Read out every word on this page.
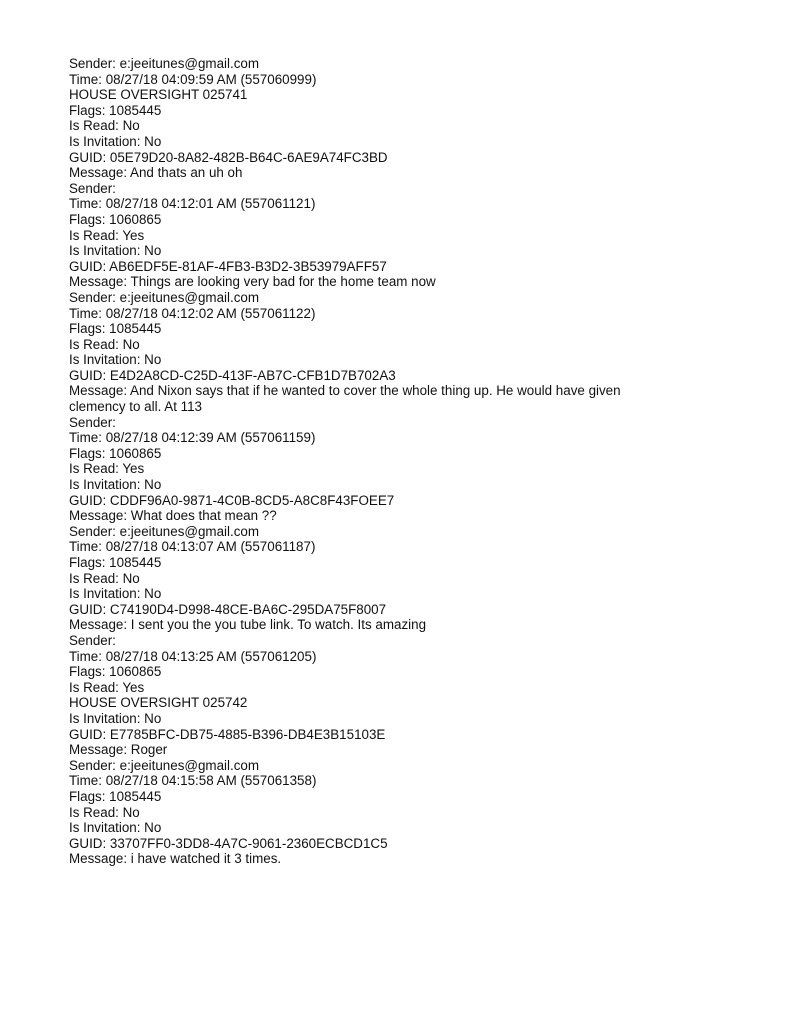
Sender: e:jeeitunes@gmail.com
Time: 08/27/18 04:09:59 AM (557060999)
HOUSE OVERSIGHT 025741
Flags: 1085445
Is Read: No
Is Invitation: No
GUID: 05E79D20-8A82-482B-B64C-6AE9A74FC3BD
Message: And thats an uh oh
Sender:
Time: 08/27/18 04:12:01 AM (557061121)
Flags: 1060865
Is Read: Yes
Is Invitation: No
GUID: AB6EDF5E-81AF-4FB3-B3D2-3B53979AFF57
Message: Things are looking very bad for the home team now
Sender: e:jeeitunes@gmail.com
Time: 08/27/18 04:12:02 AM (557061122)
Flags: 1085445
Is Read: No
Is Invitation: No
GUID: E4D2A8CD-C25D-413F-AB7C-CFB1D7B702A3
Message: And Nixon says that if he wanted to cover the whole thing up. He would have given clemency to all. At 113
Sender:
Time: 08/27/18 04:12:39 AM (557061159)
Flags: 1060865
Is Read: Yes
Is Invitation: No
GUID: CDDF96A0-9871-4C0B-8CD5-A8C8F43FOEE7
Message: What does that mean ??
Sender: e:jeeitunes@gmail.com
Time: 08/27/18 04:13:07 AM (557061187)
Flags: 1085445
Is Read: No
Is Invitation: No
GUID: C74190D4-D998-48CE-BA6C-295DA75F8007
Message: I sent you the you tube link. To watch. Its amazing
Sender:
Time: 08/27/18 04:13:25 AM (557061205)
Flags: 1060865
Is Read: Yes
HOUSE OVERSIGHT 025742
Is Invitation: No
GUID: E7785BFC-DB75-4885-B396-DB4E3B15103E
Message: Roger
Sender: e:jeeitunes@gmail.com
Time: 08/27/18 04:15:58 AM (557061358)
Flags: 1085445
Is Read: No
Is Invitation: No
GUID: 33707FF0-3DD8-4A7C-9061-2360ECBCD1C5
Message: i have watched it 3 times.
